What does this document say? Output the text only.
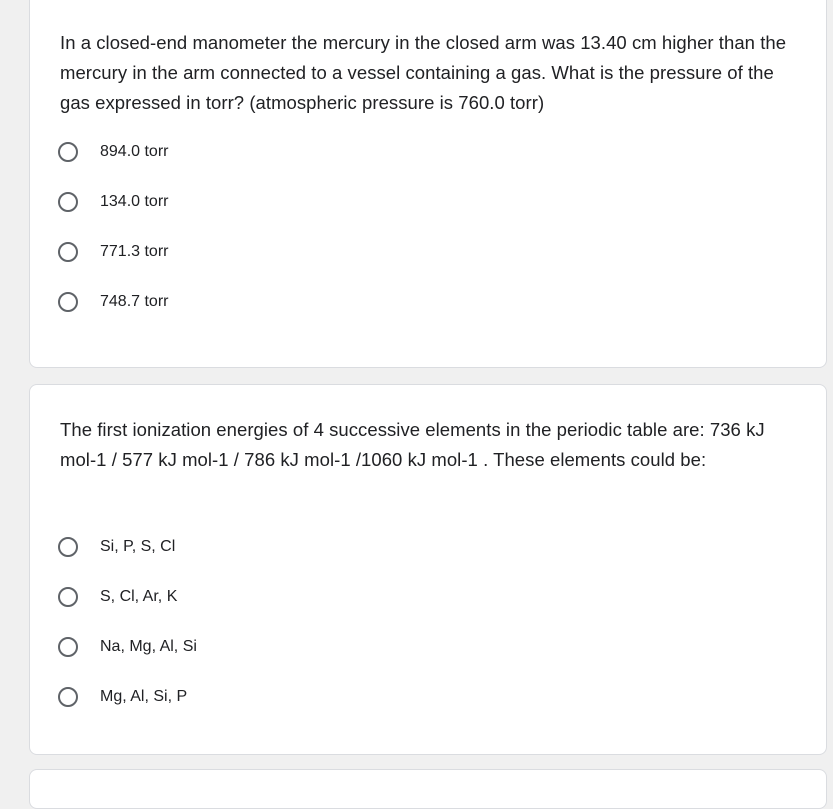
In a closed-end manometer the mercury in the closed arm was 13.40 cm higher than the mercury in the arm connected to a vessel containing a gas. What is the pressure of the gas expressed in torr? (atmospheric pressure is 760.0 torr)

894.0 torr
134.0 torr
771.3 torr
748.7 torr

The first ionization energies of 4 successive elements in the periodic table are: 736 kJ mol-1 / 577 kJ mol-1 / 786 kJ mol-1 /1060 kJ mol-1 . These elements could be:

Si, P, S, Cl
S, Cl, Ar, K
Na, Mg, Al, Si
Mg, Al, Si, P
